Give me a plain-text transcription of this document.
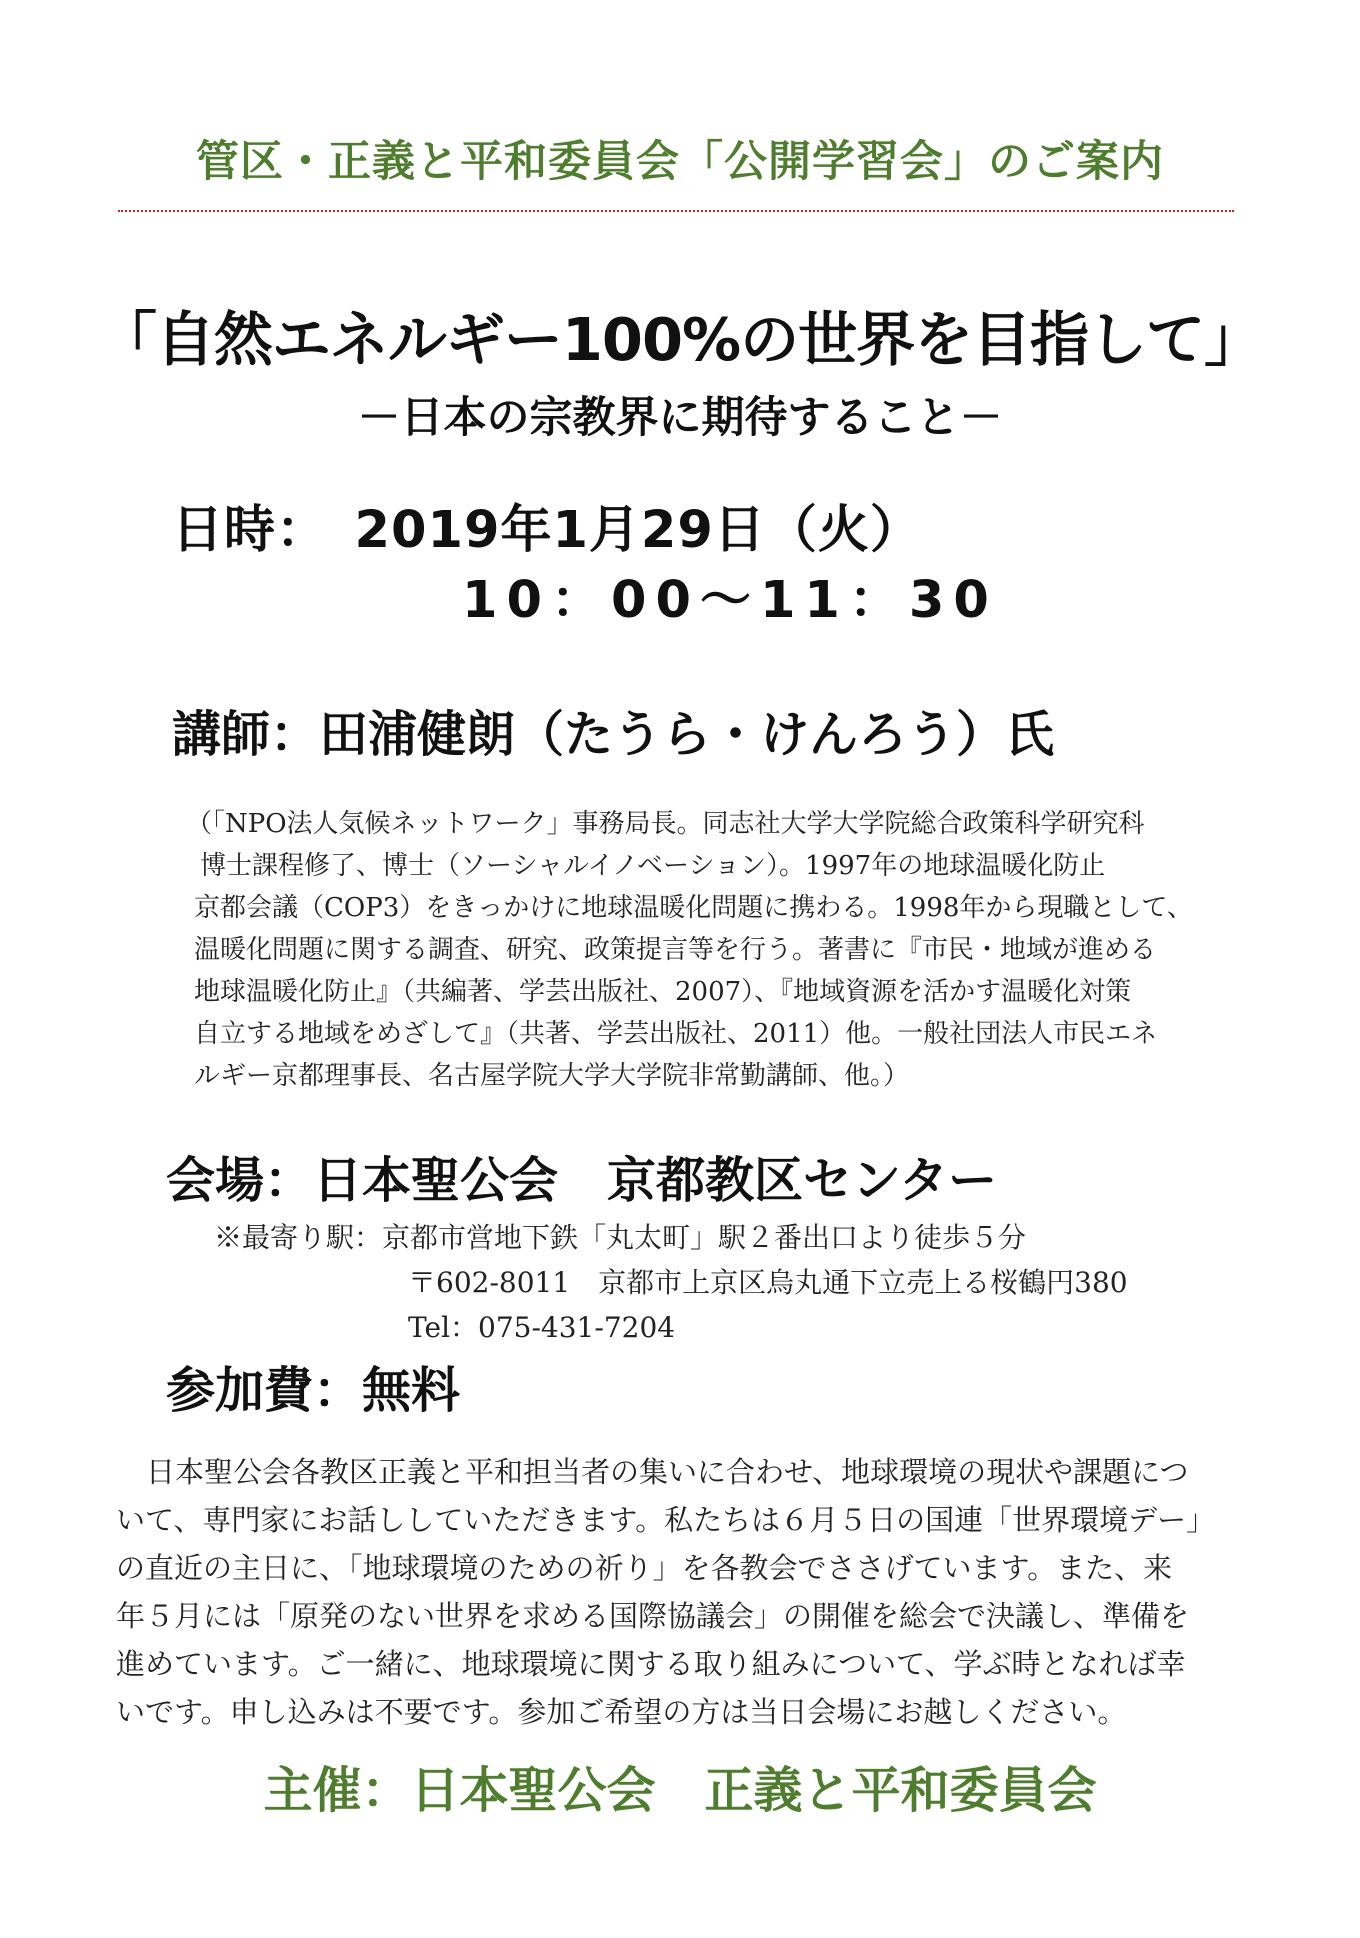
管区・正義と平和委員会「公開学習会」のご案内
「自然エネルギー100%の世界を目指して」
－日本の宗教界に期待すること－
日時：　2019年1月29日（火）
10：00～11：30
講師：田浦健朗（たうら・けんろう）氏
（「NPO法人気候ネットワーク」事務局長。同志社大学大学院総合政策科学研究科
博士課程修了、博士（ソーシャルイノベーション）。1997年の地球温暖化防止
京都会議（COP3）をきっかけに地球温暖化問題に携わる。1998年から現職として、
温暖化問題に関する調査、研究、政策提言等を行う。著書に『市民・地域が進める
地球温暖化防止』（共編著、学芸出版社、2007）、『地域資源を活かす温暖化対策
自立する地域をめざして』（共著、学芸出版社、2011）他。一般社団法人市民エネ
ルギー京都理事長、名古屋学院大学大学院非常勤講師、他。）
会場：日本聖公会　京都教区センター
※最寄り駅：京都市営地下鉄「丸太町」駅２番出口より徒歩５分
〒602-8011　京都市上京区烏丸通下立売上る桜鶴円380
Tel：075-431-7204
参加費：無料
日本聖公会各教区正義と平和担当者の集いに合わせ、地球環境の現状や課題につ
いて、専門家にお話ししていただきます。私たちは６月５日の国連「世界環境デー」
の直近の主日に、「地球環境のための祈り」を各教会でささげています。また、来
年５月には「原発のない世界を求める国際協議会」の開催を総会で決議し、準備を
進めています。ご一緒に、地球環境に関する取り組みについて、学ぶ時となれば幸
いです。申し込みは不要です。参加ご希望の方は当日会場にお越しください。
主催：日本聖公会　正義と平和委員会
